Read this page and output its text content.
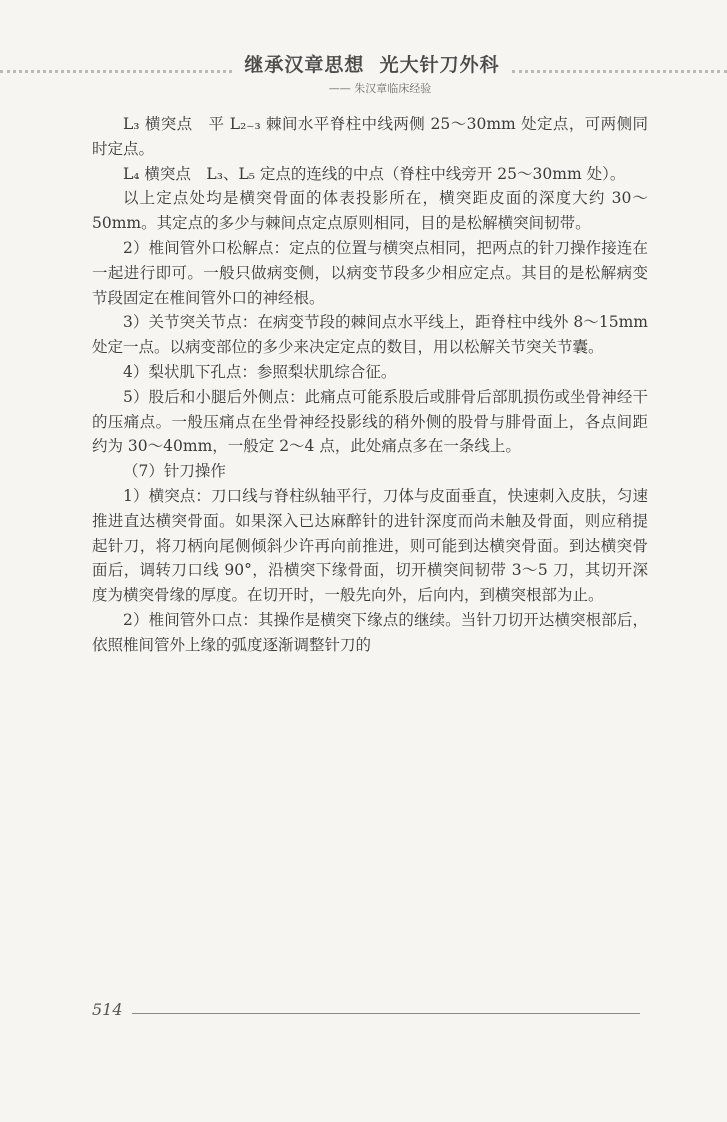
继承汉章思想  光大针刀外科
—— 朱汉章临床经验

L₃ 横突点　平 L₂₋₃ 棘间水平脊柱中线两侧 25～30mm 处定点，可两侧同时定点。

L₄ 横突点　L₃、L₅ 定点的连线的中点（脊柱中线旁开 25～30mm 处）。

以上定点处均是横突骨面的体表投影所在，横突距皮面的深度大约 30～50mm。其定点的多少与棘间点定点原则相同，目的是松解横突间韧带。

2）椎间管外口松解点：定点的位置与横突点相同，把两点的针刀操作接连在一起进行即可。一般只做病变侧，以病变节段多少相应定点。其目的是松解病变节段固定在椎间管外口的神经根。

3）关节突关节点：在病变节段的棘间点水平线上，距脊柱中线外 8～15mm 处定一点。以病变部位的多少来决定定点的数目，用以松解关节突关节囊。

4）梨状肌下孔点：参照梨状肌综合征。

5）股后和小腿后外侧点：此痛点可能系股后或腓骨后部肌损伤或坐骨神经干的压痛点。一般压痛点在坐骨神经投影线的稍外侧的股骨与腓骨面上，各点间距约为 30～40mm，一般定 2～4 点，此处痛点多在一条线上。

（7）针刀操作

1）横突点：刀口线与脊柱纵轴平行，刀体与皮面垂直，快速刺入皮肤，匀速推进直达横突骨面。如果深入已达麻醉针的进针深度而尚未触及骨面，则应稍提起针刀，将刀柄向尾侧倾斜少许再向前推进，则可能到达横突骨面。到达横突骨面后，调转刀口线 90°，沿横突下缘骨面，切开横突间韧带 3～5 刀，其切开深度为横突骨缘的厚度。在切开时，一般先向外，后向内，到横突根部为止。

2）椎间管外口点：其操作是横突下缘点的继续。当针刀切开达横突根部后，依照椎间管外上缘的弧度逐渐调整针刀的

514
